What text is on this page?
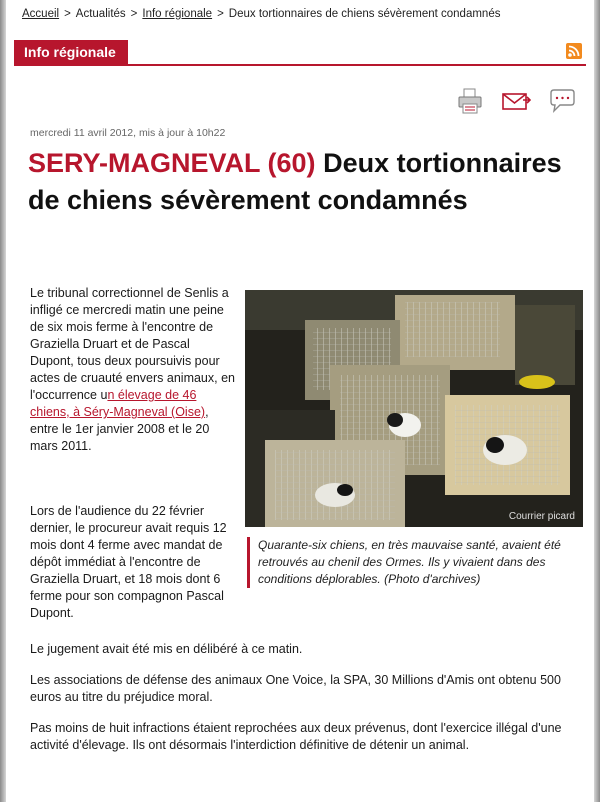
Accueil > Actualités > Info régionale > Deux tortionnaires de chiens sévèrement condamnés
Info régionale
mercredi 11 avril 2012, mis à jour à 10h22
SERY-MAGNEVAL (60) Deux tortionnaires de chiens sévèrement condamnés

Le tribunal correctionnel de Senlis a infligé ce mercredi matin une peine de six mois ferme à l'encontre de Graziella Druart et de Pascal Dupont, tous deux poursuivis pour actes de cruauté envers animaux, en l'occurrence un élevage de 46 chiens, à Séry-Magneval (Oise), entre le 1er janvier 2008 et le 20 mars 2011.

Courrier picard
Quarante-six chiens, en très mauvaise santé, avaient été retrouvés au chenil des Ormes. Ils y vivaient dans des conditions déplorables. (Photo d'archives)

Lors de l'audience du 22 février dernier, le procureur avait requis 12 mois dont 4 ferme avec mandat de dépôt immédiat à l'encontre de Graziella Druart, et 18 mois dont 6 ferme pour son compagnon Pascal Dupont.

Le jugement avait été mis en délibéré à ce matin.

Les associations de défense des animaux One Voice, la SPA, 30 Millions d'Amis ont obtenu 500 euros au titre du préjudice moral.

Pas moins de huit infractions étaient reprochées aux deux prévenus, dont l'exercice illégal d'une activité d'élevage. Ils ont désormais l'interdiction définitive de détenir un animal.
